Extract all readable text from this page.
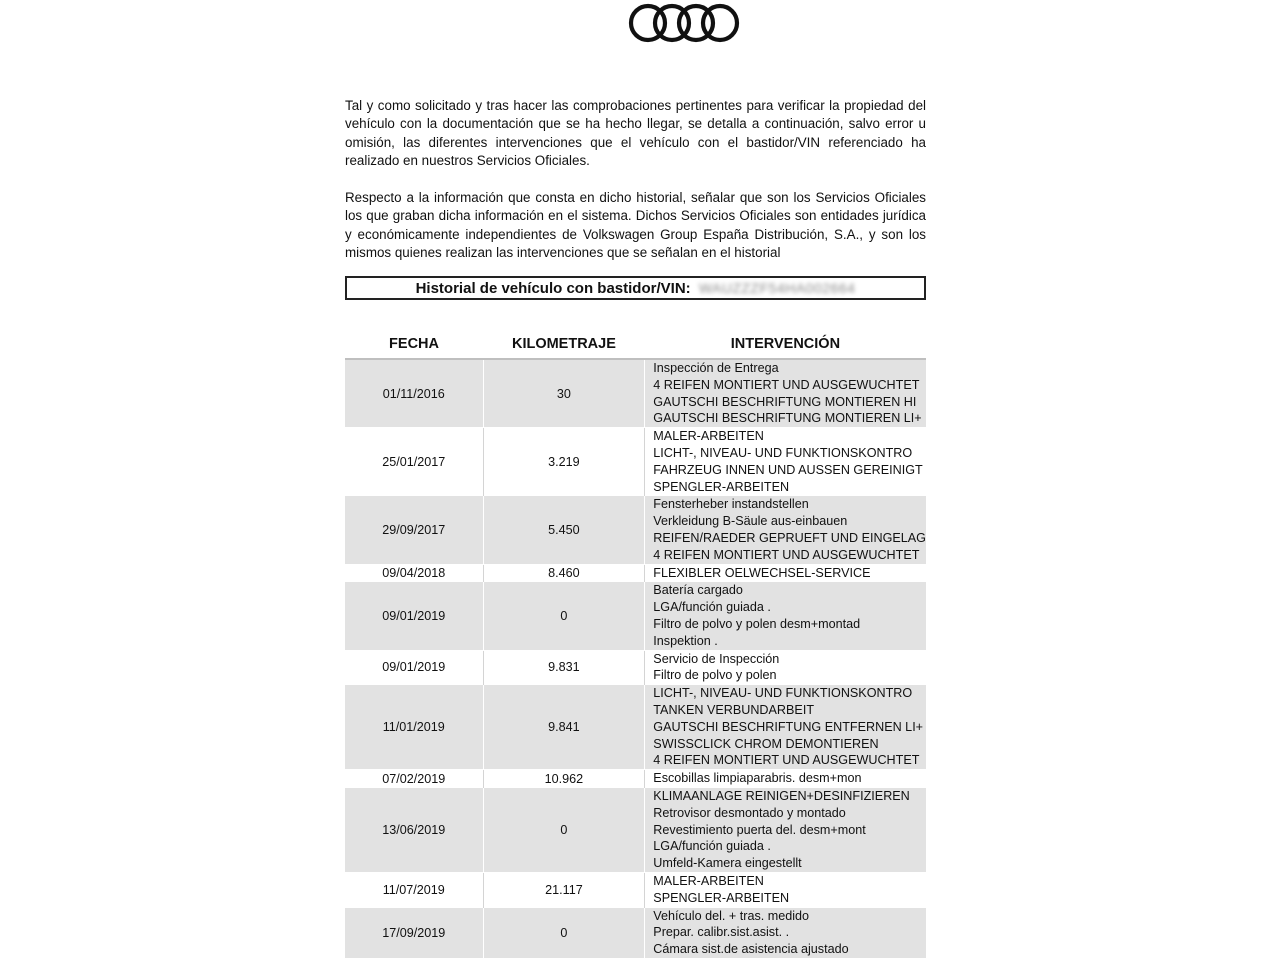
Tal y como solicitado y tras hacer las comprobaciones pertinentes para verificar la propiedad del vehículo con la documentación que se ha hecho llegar, se detalla a continuación, salvo error u omisión, las diferentes intervenciones que el vehículo con el bastidor/VIN referenciado ha realizado en nuestros Servicios Oficiales.

Respecto a la información que consta en dicho historial, señalar que son los Servicios Oficiales los que graban dicha información en el sistema. Dichos Servicios Oficiales son entidades jurídica y económicamente independientes de Volkswagen Group España Distribución, S.A., y son los mismos quienes realizan las intervenciones que se señalan en el historial

Historial de vehículo con bastidor/VIN: WAUZZZF54HA002664
FECHA	KILOMETRAJE	INTERVENCIÓN
01/11/2016	30	Inspección de Entrega
4 REIFEN MONTIERT UND AUSGEWUCHTET
GAUTSCHI BESCHRIFTUNG MONTIEREN HI
GAUTSCHI BESCHRIFTUNG MONTIEREN LI+

25/01/2017	3.219	MALER-ARBEITEN
LICHT-, NIVEAU- UND FUNKTIONSKONTRO
FAHRZEUG INNEN UND AUSSEN GEREINIGT
SPENGLER-ARBEITEN

29/09/2017	5.450	Fensterheber instandstellen
Verkleidung B-Säule aus-einbauen
REIFEN/RAEDER GEPRUEFT UND EINGELAG
4 REIFEN MONTIERT UND AUSGEWUCHTET

09/04/2018	8.460	FLEXIBLER OELWECHSEL-SERVICE

09/01/2019	0	Batería cargado
LGA/función guiada .
Filtro de polvo y polen desm+montad
Inspektion .

09/01/2019	9.831	Servicio de Inspección
Filtro de polvo y polen

11/01/2019	9.841	LICHT-, NIVEAU- UND FUNKTIONSKONTRO
TANKEN VERBUNDARBEIT
GAUTSCHI BESCHRIFTUNG ENTFERNEN LI+
SWISSCLICK CHROM DEMONTIEREN
4 REIFEN MONTIERT UND AUSGEWUCHTET

07/02/2019	10.962	Escobillas limpiaparabris. desm+mon

13/06/2019	0	KLIMAANLAGE REINIGEN+DESINFIZIEREN
Retrovisor desmontado y montado
Revestimiento puerta del. desm+mont
LGA/función guiada .
Umfeld-Kamera eingestellt

11/07/2019	21.117	MALER-ARBEITEN
SPENGLER-ARBEITEN

17/09/2019	0	Vehículo del. + tras. medido
Prepar. calibr.sist.asist. .
Cámara sist.de asistencia ajustado
